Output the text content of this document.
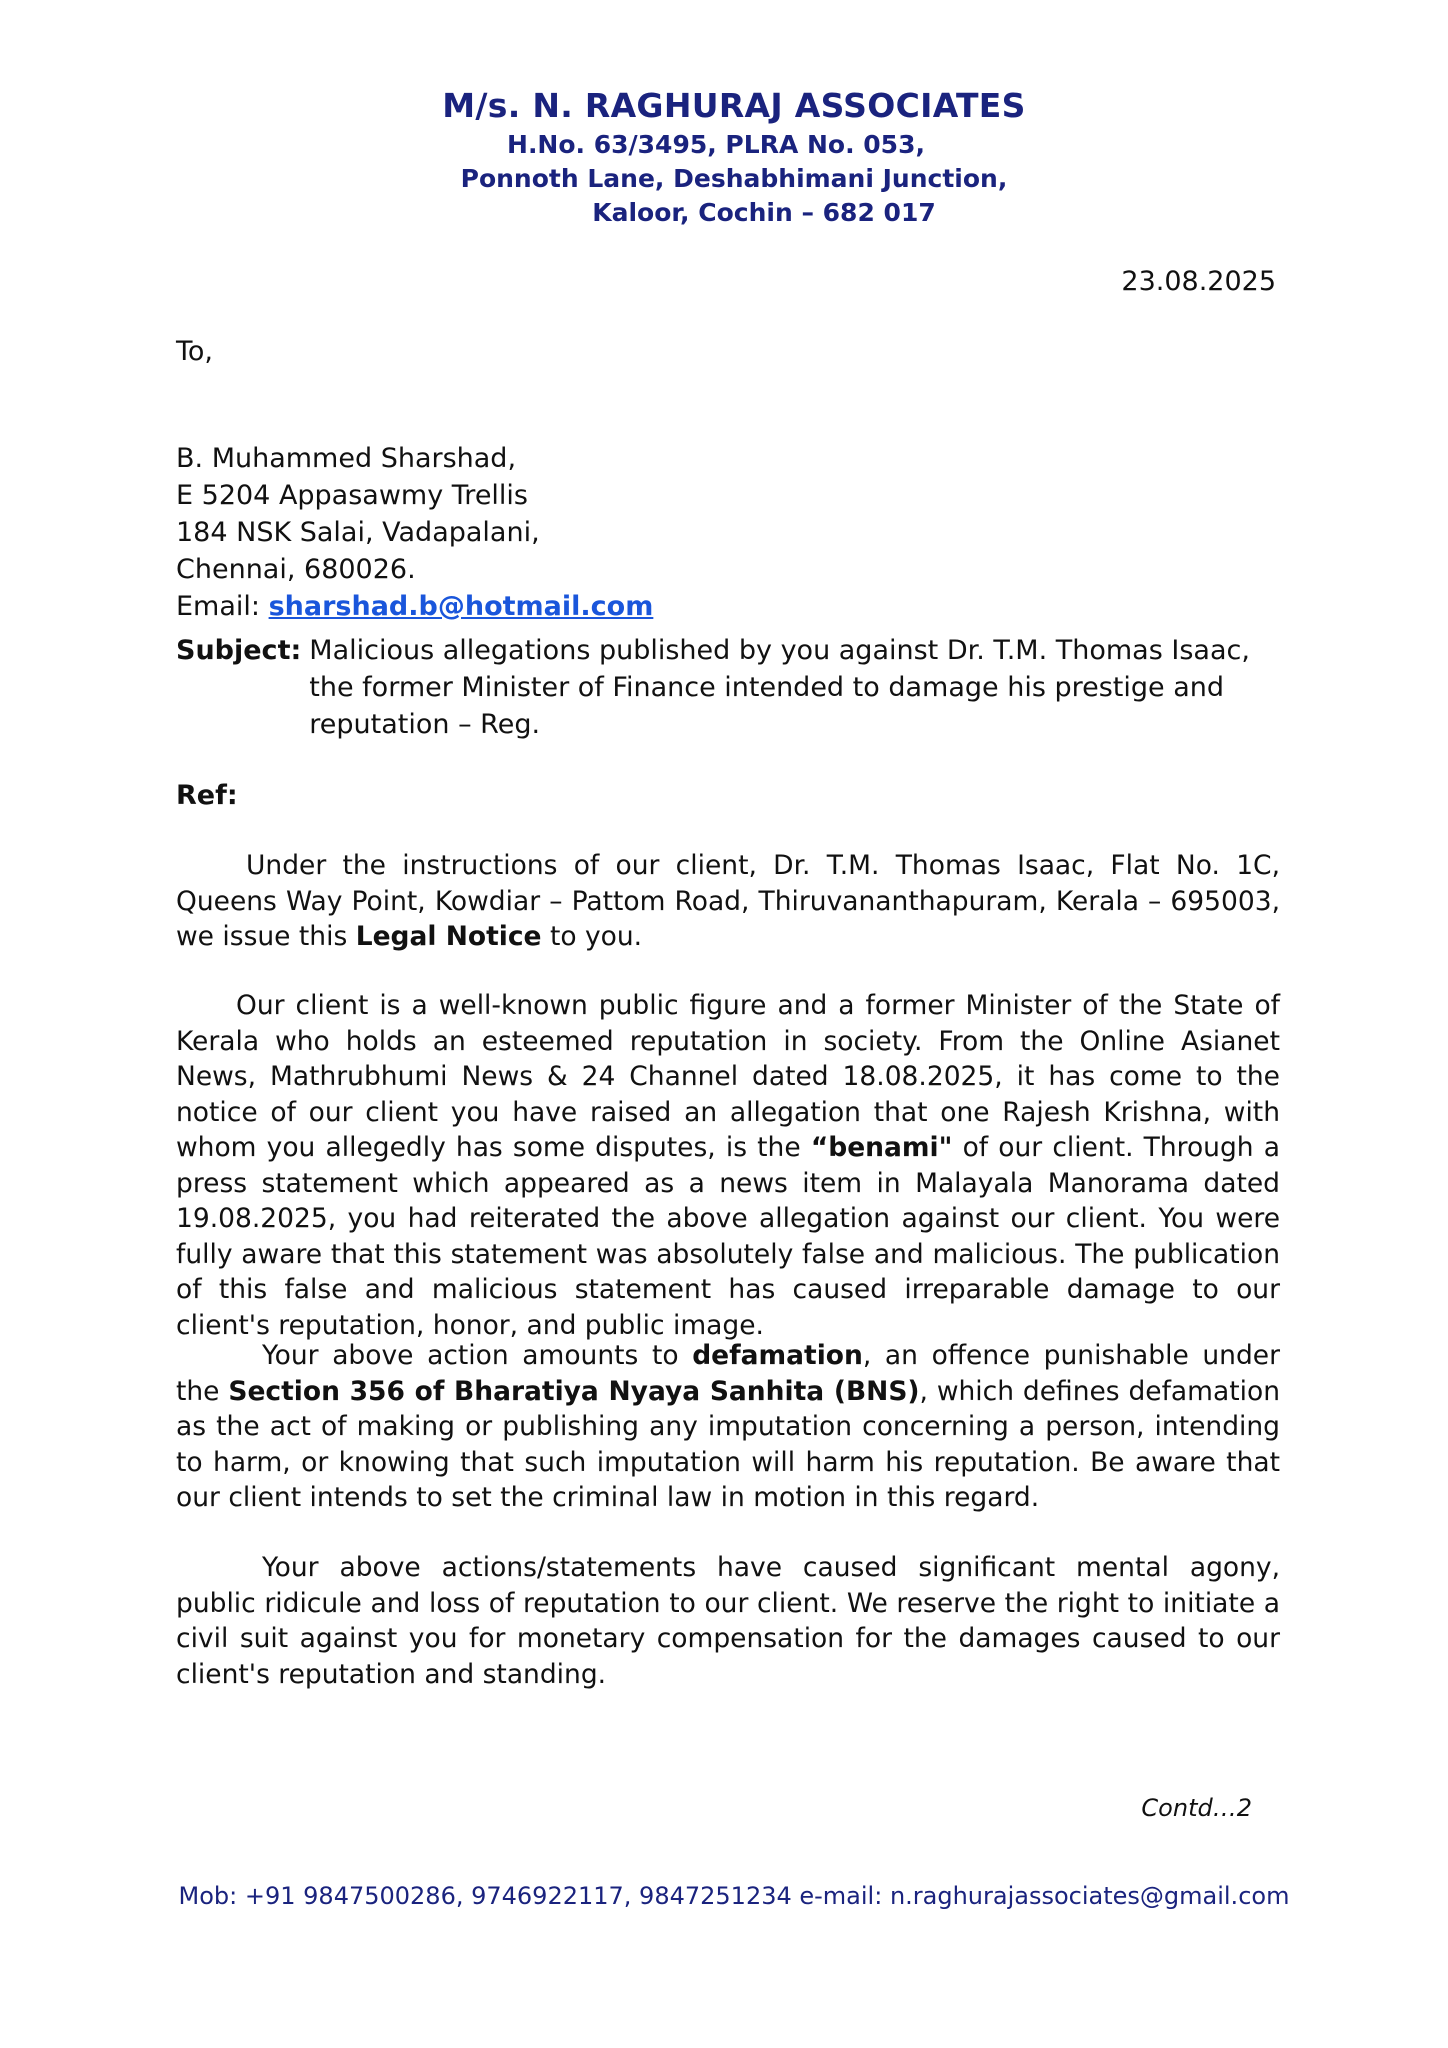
M/s. N. RAGHURAJ ASSOCIATES
H.No. 63/3495, PLRA No. 053,
Ponnoth Lane, Deshabhimani Junction,
Kaloor, Cochin – 682 017
23.08.2025
To,
B. Muhammed Sharshad,
E 5204 Appasawmy Trellis
184 NSK Salai, Vadapalani,
Chennai, 680026.
Email: sharshad.b@hotmail.com
Subject: Malicious allegations published by you against Dr. T.M. Thomas Isaac, the former Minister of Finance intended to damage his prestige and reputation – Reg.
Ref:
Under the instructions of our client, Dr. T.M. Thomas Isaac, Flat No. 1C, Queens Way Point, Kowdiar – Pattom Road, Thiruvananthapuram, Kerala – 695003, we issue this Legal Notice to you.
Our client is a well-known public figure and a former Minister of the State of Kerala who holds an esteemed reputation in society. From the Online Asianet News, Mathrubhumi News & 24 Channel dated 18.08.2025, it has come to the notice of our client you have raised an allegation that one Rajesh Krishna, with whom you allegedly has some disputes, is the “benami" of our client. Through a press statement which appeared as a news item in Malayala Manorama dated 19.08.2025, you had reiterated the above allegation against our client. You were fully aware that this statement was absolutely false and malicious. The publication of this false and malicious statement has caused irreparable damage to our client's reputation, honor, and public image.
Your above action amounts to defamation, an offence punishable under the Section 356 of Bharatiya Nyaya Sanhita (BNS), which defines defamation as the act of making or publishing any imputation concerning a person, intending to harm, or knowing that such imputation will harm his reputation. Be aware that our client intends to set the criminal law in motion in this regard.
Your above actions/statements have caused significant mental agony, public ridicule and loss of reputation to our client. We reserve the right to initiate a civil suit against you for monetary compensation for the damages caused to our client's reputation and standing.
Contd…2
Mob: +91 9847500286, 9746922117, 9847251234 e-mail: n.raghurajassociates@gmail.com
